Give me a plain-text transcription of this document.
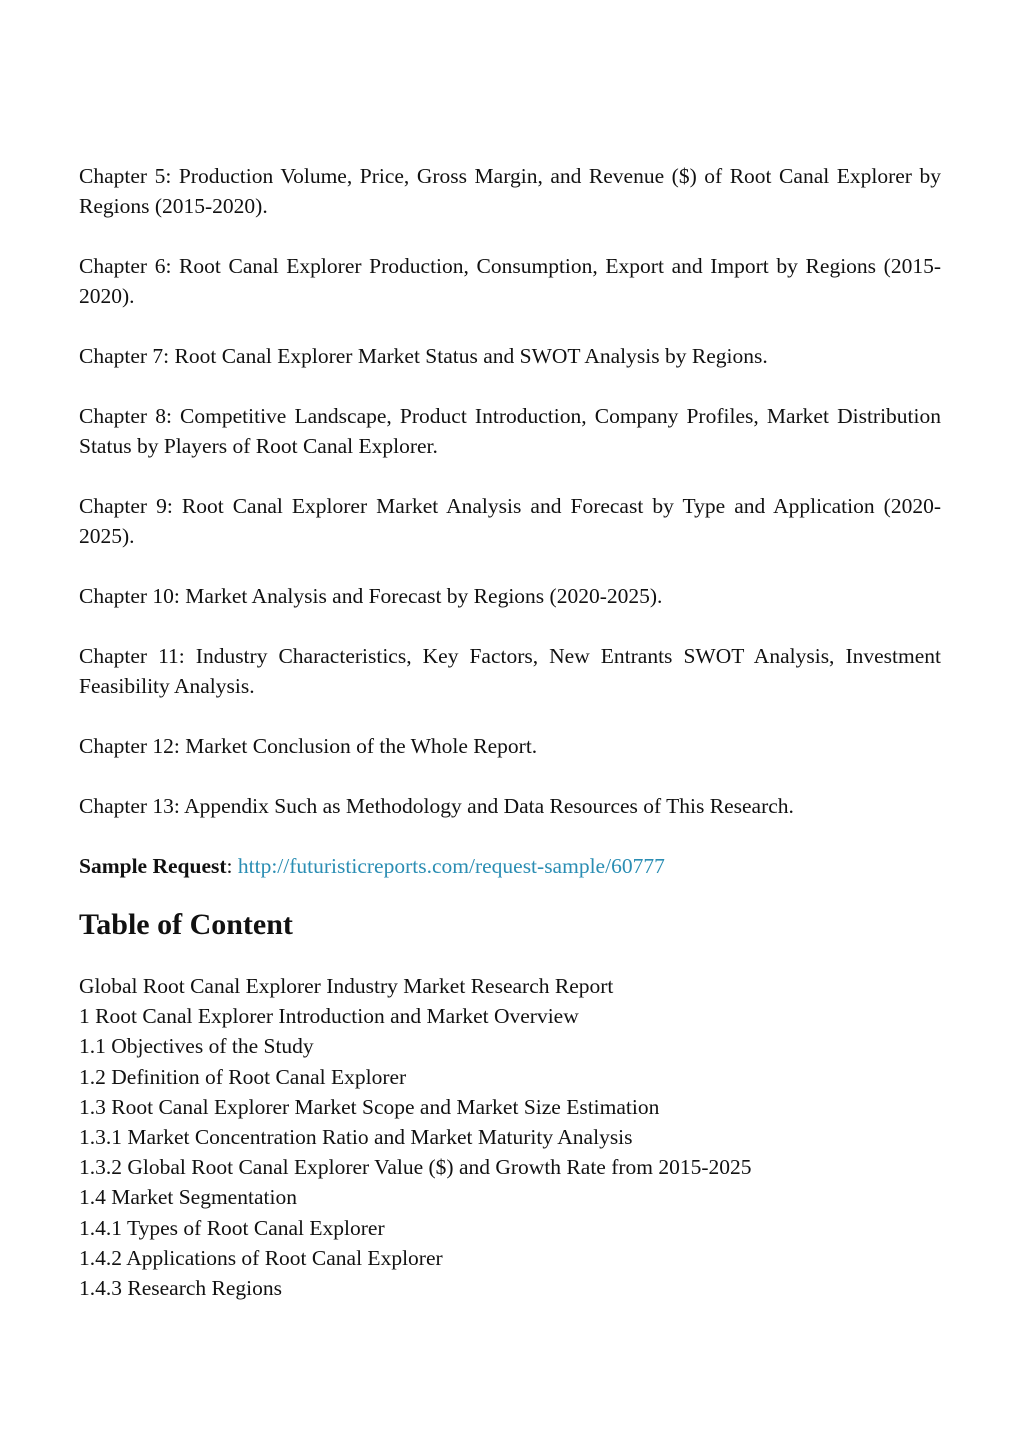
Chapter 5: Production Volume, Price, Gross Margin, and Revenue ($) of Root Canal Explorer by Regions (2015-2020).

Chapter 6: Root Canal Explorer Production, Consumption, Export and Import by Regions (2015-2020).

Chapter 7: Root Canal Explorer Market Status and SWOT Analysis by Regions.

Chapter 8: Competitive Landscape, Product Introduction, Company Profiles, Market Distribution Status by Players of Root Canal Explorer.

Chapter 9: Root Canal Explorer Market Analysis and Forecast by Type and Application (2020-2025).

Chapter 10: Market Analysis and Forecast by Regions (2020-2025).

Chapter 11: Industry Characteristics, Key Factors, New Entrants SWOT Analysis, Investment Feasibility Analysis.

Chapter 12: Market Conclusion of the Whole Report.

Chapter 13: Appendix Such as Methodology and Data Resources of This Research.

Sample Request: http://futuristicreports.com/request-sample/60777

Table of Content
Global Root Canal Explorer Industry Market Research Report
1 Root Canal Explorer Introduction and Market Overview
1.1 Objectives of the Study
1.2 Definition of Root Canal Explorer
1.3 Root Canal Explorer Market Scope and Market Size Estimation
1.3.1 Market Concentration Ratio and Market Maturity Analysis
1.3.2 Global Root Canal Explorer Value ($) and Growth Rate from 2015-2025
1.4 Market Segmentation
1.4.1 Types of Root Canal Explorer
1.4.2 Applications of Root Canal Explorer
1.4.3 Research Regions
